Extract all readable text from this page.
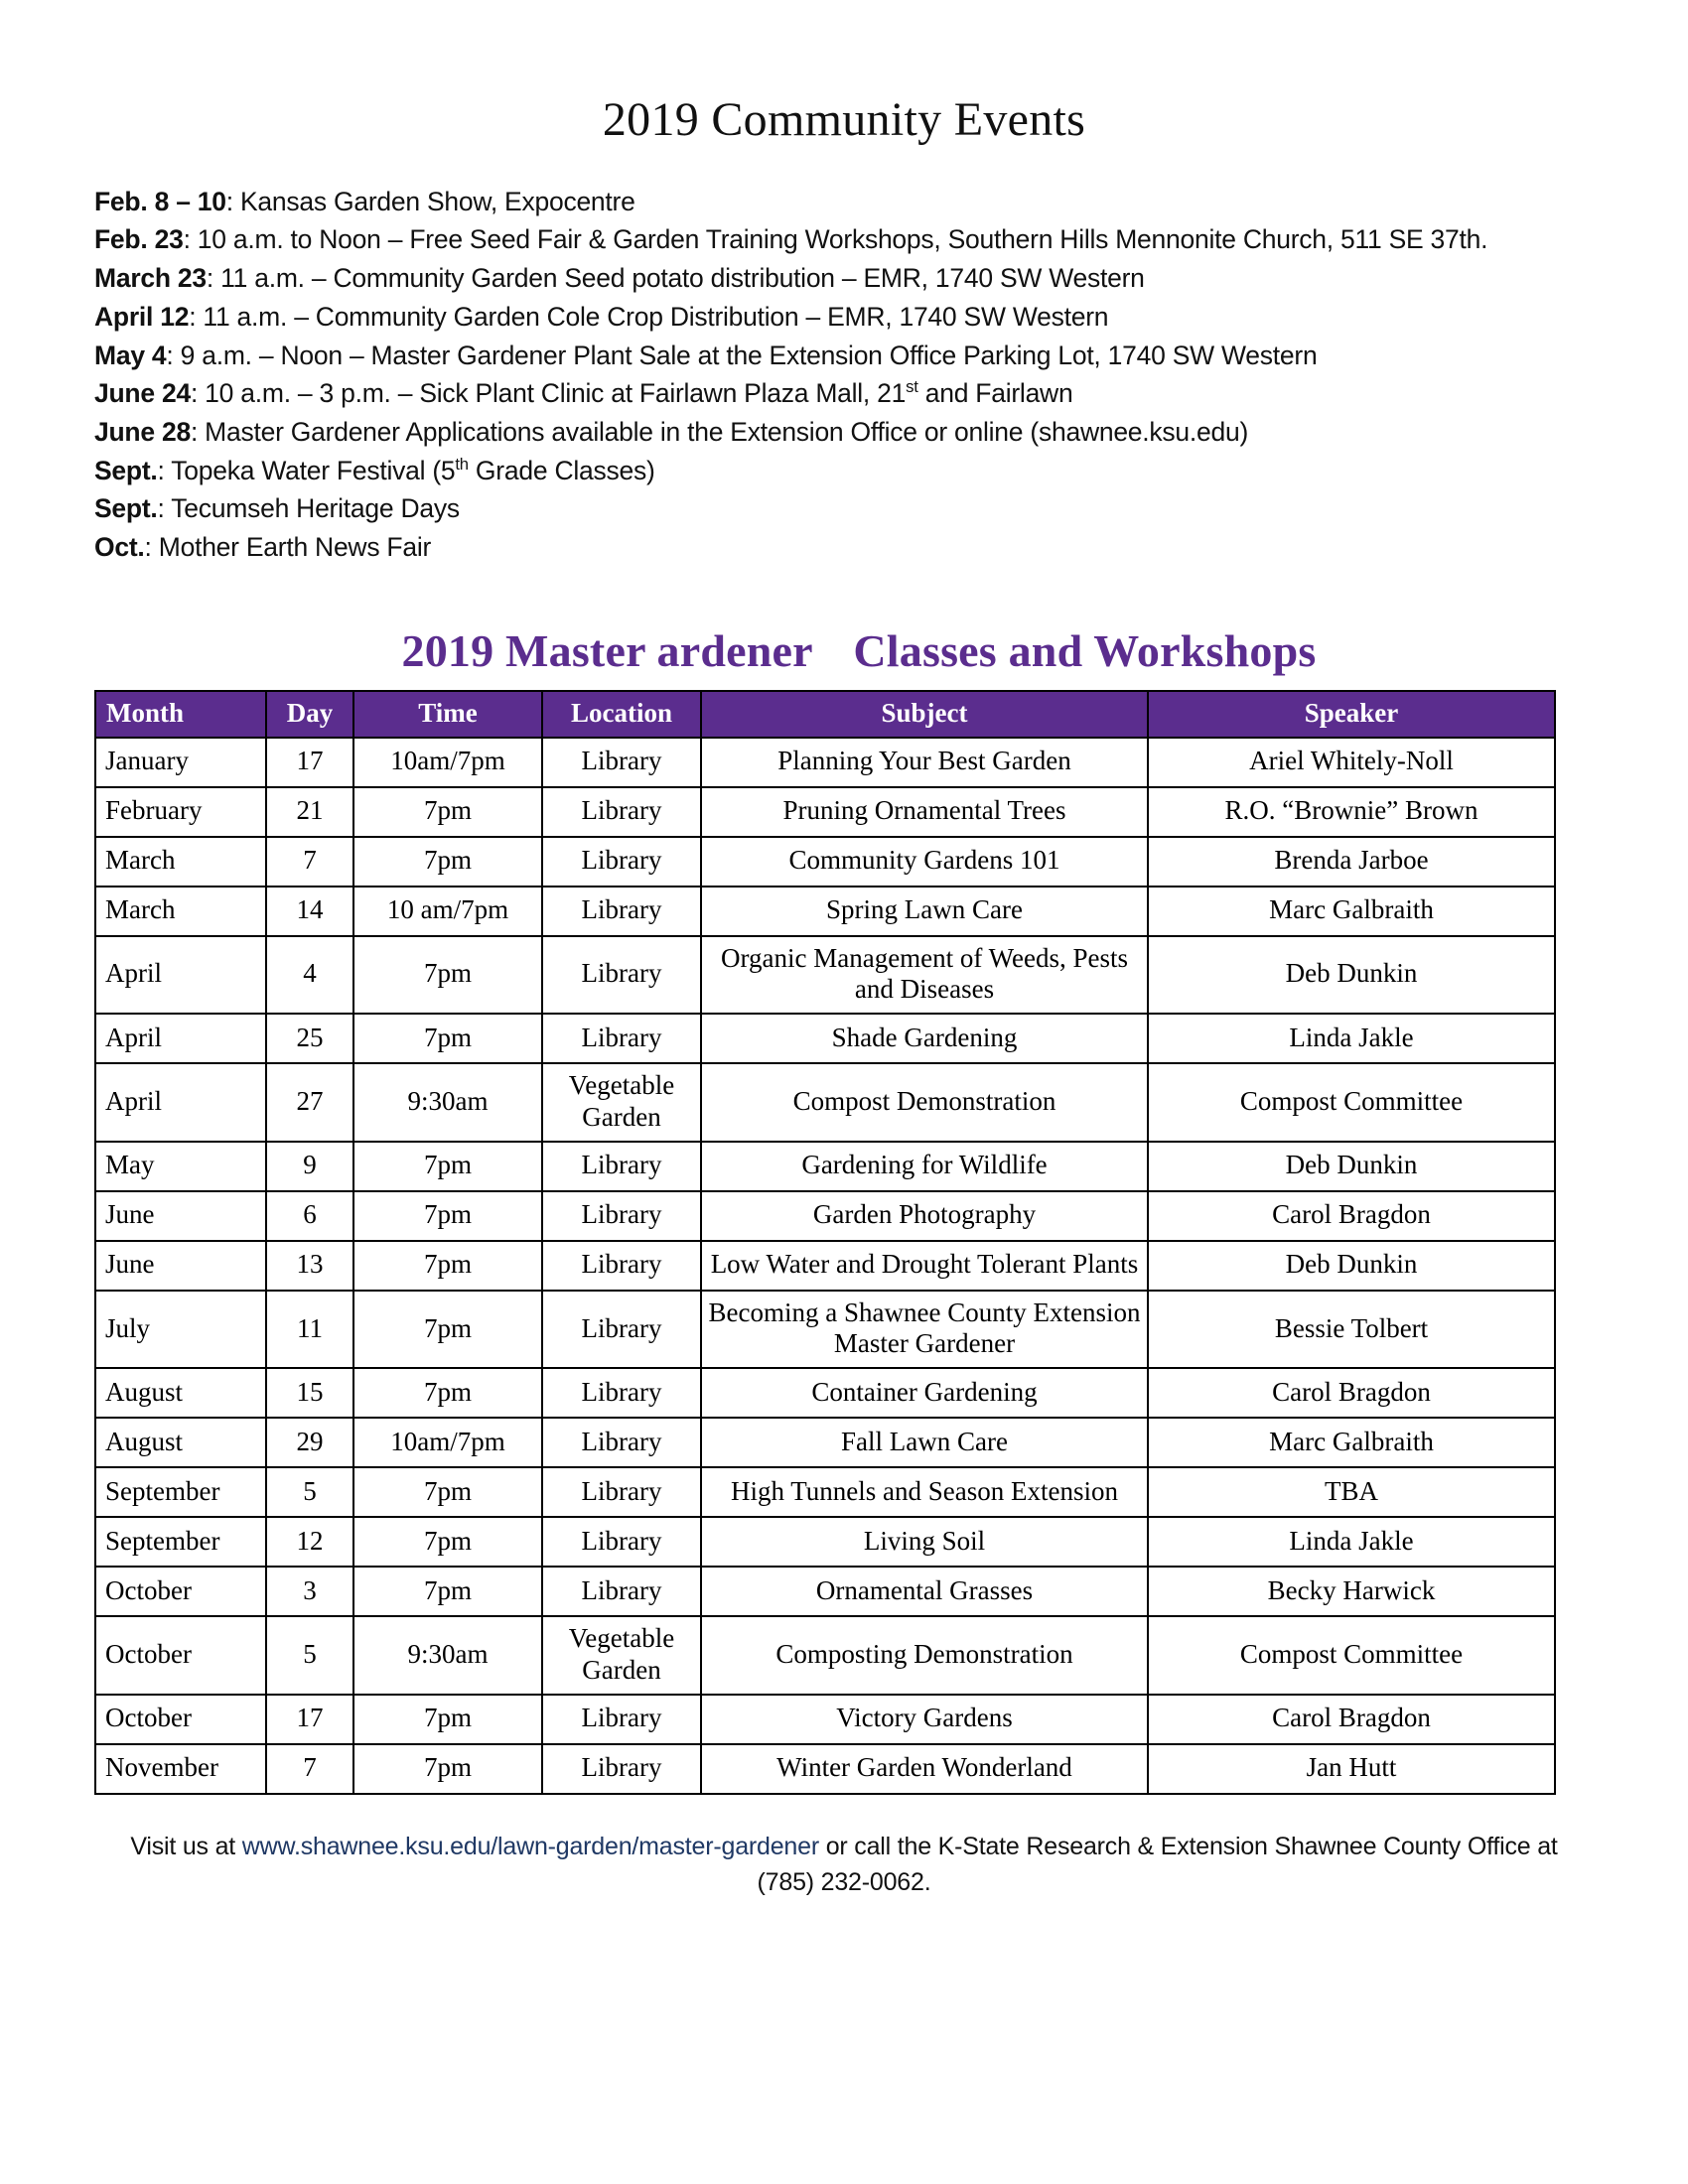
2019 Community Events

Feb. 8 – 10: Kansas Garden Show, Expocentre

Feb. 23: 10 a.m. to Noon – Free Seed Fair & Garden Training Workshops, Southern Hills Mennonite Church, 511 SE 37th.

March 23: 11 a.m. – Community Garden Seed potato distribution – EMR, 1740 SW Western

April 12: 11 a.m. – Community Garden Cole Crop Distribution – EMR, 1740 SW Western

May 4: 9 a.m. – Noon – Master Gardener Plant Sale at the Extension Office Parking Lot, 1740 SW Western

June 24: 10 a.m. – 3 p.m. – Sick Plant Clinic at Fairlawn Plaza Mall, 21st and Fairlawn

June 28: Master Gardener Applications available in the Extension Office or online (shawnee.ksu.edu)

Sept.: Topeka Water Festival (5th Grade Classes)

Sept.: Tecumseh Heritage Days

Oct.: Mother Earth News Fair

2019 Master ardener Classes and Workshops
Month	Day	Time	Location	Subject	Speaker
January	17	10am/7pm	Library	Planning Your Best Garden	Ariel Whitely-Noll
February	21	7pm	Library	Pruning Ornamental Trees	R.O. “Brownie” Brown
March	7	7pm	Library	Community Gardens 101	Brenda Jarboe
March	14	10 am/7pm	Library	Spring Lawn Care	Marc Galbraith
April	4	7pm	Library	Organic Management of Weeds, Pests and Diseases	Deb Dunkin
April	25	7pm	Library	Shade Gardening	Linda Jakle
April	27	9:30am	Vegetable Garden	Compost Demonstration	Compost Committee
May	9	7pm	Library	Gardening for Wildlife	Deb Dunkin
June	6	7pm	Library	Garden Photography	Carol Bragdon
June	13	7pm	Library	Low Water and Drought Tolerant Plants	Deb Dunkin
July	11	7pm	Library	Becoming a Shawnee County Extension Master Gardener	Bessie Tolbert
August	15	7pm	Library	Container Gardening	Carol Bragdon
August	29	10am/7pm	Library	Fall Lawn Care	Marc Galbraith
September	5	7pm	Library	High Tunnels and Season Extension	TBA
September	12	7pm	Library	Living Soil	Linda Jakle
October	3	7pm	Library	Ornamental Grasses	Becky Harwick
October	5	9:30am	Vegetable Garden	Composting Demonstration	Compost Committee
October	17	7pm	Library	Victory Gardens	Carol Bragdon
November	7	7pm	Library	Winter Garden Wonderland	Jan Hutt
Visit us at www.shawnee.ksu.edu/lawn-garden/master-gardener or call the K-State Research & Extension Shawnee County Office at (785) 232-0062.
